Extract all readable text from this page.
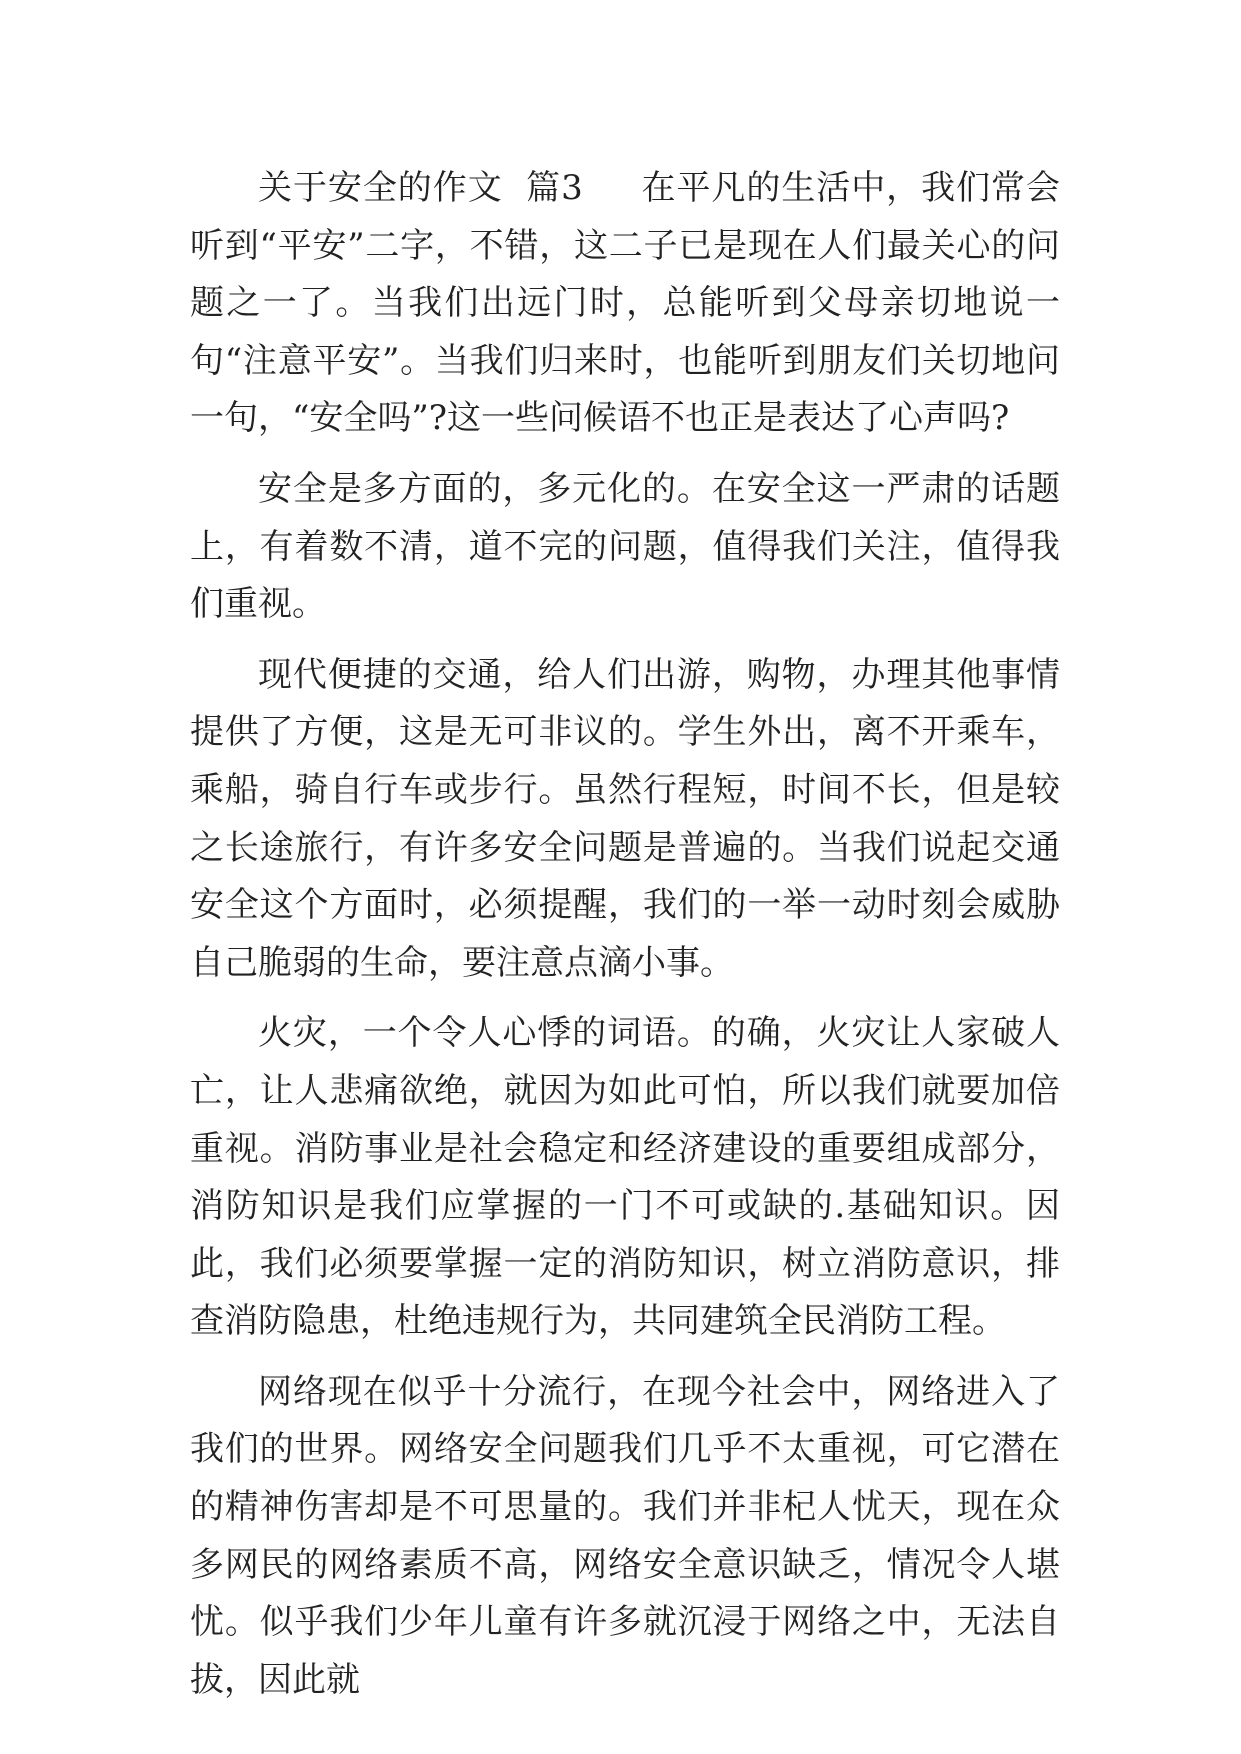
关于安全的作文  篇3     在平凡的生活中，我们常会听到“平安”二字，不错，这二子已是现在人们最关心的问题之一了。当我们出远门时，总能听到父母亲切地说一句“注意平安”。当我们归来时，也能听到朋友们关切地问一句，“安全吗”?这一些问候语不也正是表达了心声吗?

安全是多方面的，多元化的。在安全这一严肃的话题上，有着数不清，道不完的问题，值得我们关注，值得我们重视。

现代便捷的交通，给人们出游，购物，办理其他事情提供了方便，这是无可非议的。学生外出，离不开乘车，乘船，骑自行车或步行。虽然行程短，时间不长，但是较之长途旅行，有许多安全问题是普遍的。当我们说起交通安全这个方面时，必须提醒，我们的一举一动时刻会威胁自己脆弱的生命，要注意点滴小事。

火灾，一个令人心悸的词语。的确，火灾让人家破人亡，让人悲痛欲绝，就因为如此可怕，所以我们就要加倍重视。消防事业是社会稳定和经济建设的重要组成部分，消防知识是我们应掌握的一门不可或缺的.基础知识。因此，我们必须要掌握一定的消防知识，树立消防意识，排查消防隐患，杜绝违规行为，共同建筑全民消防工程。

网络现在似乎十分流行，在现今社会中，网络进入了我们的世界。网络安全问题我们几乎不太重视，可它潜在的精神伤害却是不可思量的。我们并非杞人忧天，现在众多网民的网络素质不高，网络安全意识缺乏，情况令人堪忧。似乎我们少年儿童有许多就沉浸于网络之中，无法自拔，因此就
